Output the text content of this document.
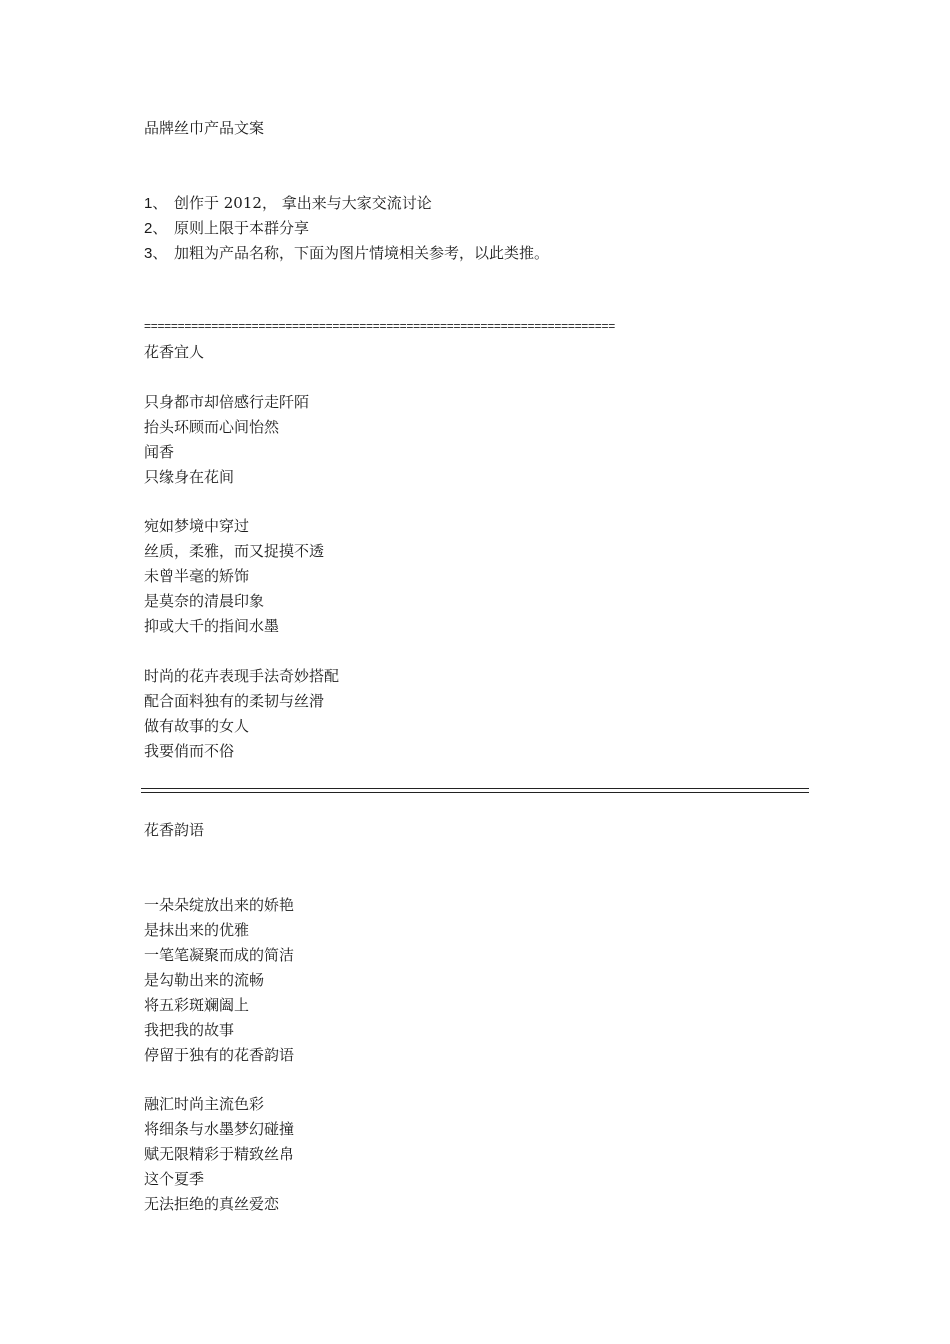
品牌丝巾产品文案
1、 创作于 2012， 拿出来与大家交流讨论
2、 原则上限于本群分享
3、 加粗为产品名称，下面为图片情境相关参考，以此类推。
======================================================================
花香宜人
只身都市却倍感行走阡陌
抬头环顾而心间怡然
闻香
只缘身在花间
宛如梦境中穿过
丝质，柔雅，而又捉摸不透
未曾半毫的矫饰
是莫奈的清晨印象
抑或大千的指间水墨
时尚的花卉表现手法奇妙搭配
配合面料独有的柔韧与丝滑
做有故事的女人
我要俏而不俗
花香韵语
一朵朵绽放出来的娇艳
是抹出来的优雅
一笔笔凝聚而成的简洁
是勾勒出来的流畅
将五彩斑斓阖上
我把我的故事
停留于独有的花香韵语
融汇时尚主流色彩
将细条与水墨梦幻碰撞
赋无限精彩于精致丝帛
这个夏季
无法拒绝的真丝爱恋
